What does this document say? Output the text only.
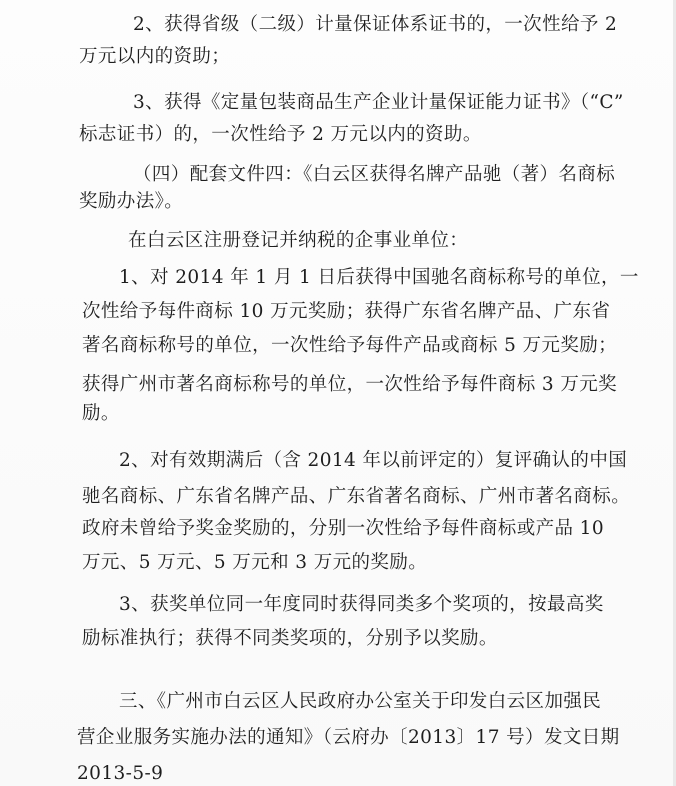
2、获得省级（二级）计量保证体系证书的，一次性给予 2
万元以内的资助；
3、获得《定量包装商品生产企业计量保证能力证书》（“C”
标志证书）的，一次性给予 2 万元以内的资助。
（四）配套文件四：《白云区获得名牌产品驰（著）名商标
奖励办法》。
在白云区注册登记并纳税的企事业单位：
1、对 2014 年 1 月 1 日后获得中国驰名商标称号的单位，一
次性给予每件商标 10 万元奖励；获得广东省名牌产品、广东省
著名商标称号的单位，一次性给予每件产品或商标 5 万元奖励；
获得广州市著名商标称号的单位，一次性给予每件商标 3 万元奖
励。
2、对有效期满后（含 2014 年以前评定的）复评确认的中国
驰名商标、广东省名牌产品、广东省著名商标、广州市著名商标。
政府未曾给予奖金奖励的，分别一次性给予每件商标或产品 10
万元、5 万元、5 万元和 3 万元的奖励。
3、获奖单位同一年度同时获得同类多个奖项的，按最高奖
励标准执行；获得不同类奖项的，分别予以奖励。
三、《广州市白云区人民政府办公室关于印发白云区加强民
营企业服务实施办法的通知》（云府办〔2013〕17 号）发文日期
2013-5-9
